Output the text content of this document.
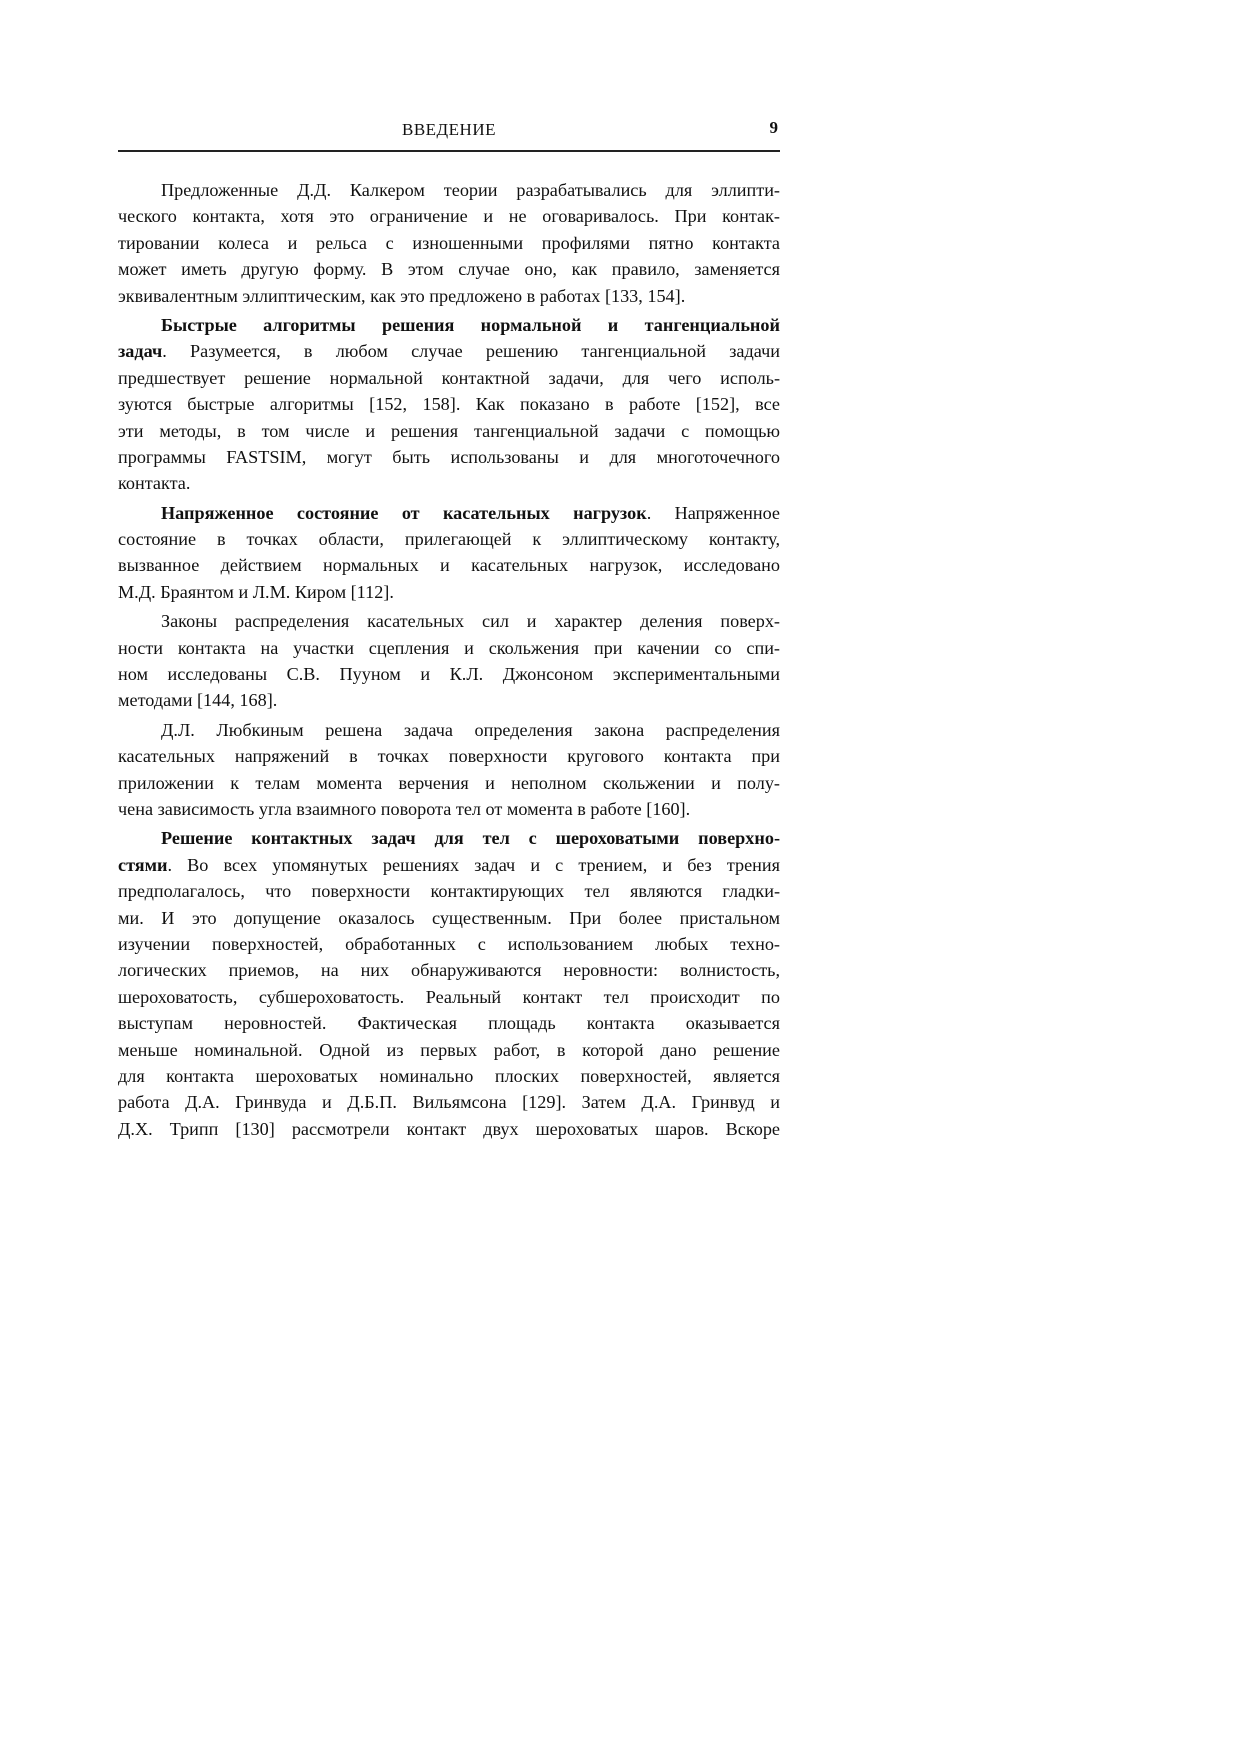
ВВЕДЕНИЕ	9
Предложенные Д.Д. Калкером теории разрабатывались для эллипти-
ческого контакта, хотя это ограничение и не оговаривалось. При контак-
тировании колеса и рельса с изношенными профилями пятно контакта
может иметь другую форму. В этом случае оно, как правило, заменяется
эквивалентным эллиптическим, как это предложено в работах [133, 154].
Быстрые алгоритмы решения нормальной и тангенциальной
задач. Разумеется, в любом случае решению тангенциальной задачи
предшествует решение нормальной контактной задачи, для чего исполь-
зуются быстрые алгоритмы [152, 158]. Как показано в работе [152], все
эти методы, в том числе и решения тангенциальной задачи с помощью
программы FASTSIM, могут быть использованы и для многоточечного
контакта.
Напряженное состояние от касательных нагрузок. Напряженное
состояние в точках области, прилегающей к эллиптическому контакту,
вызванное действием нормальных и касательных нагрузок, исследовано
М.Д. Браянтом и Л.М. Киром [112].
Законы распределения касательных сил и характер деления поверх-
ности контакта на участки сцепления и скольжения при качении со спи-
ном исследованы С.В. Пууном и К.Л. Джонсоном экспериментальными
методами [144, 168].
Д.Л. Любкиным решена задача определения закона распределения
касательных напряжений в точках поверхности кругового контакта при
приложении к телам момента верчения и неполном скольжении и полу-
чена зависимость угла взаимного поворота тел от момента в работе [160].
Решение контактных задач для тел с шероховатыми поверхно-
стями. Во всех упомянутых решениях задач и с трением, и без трения
предполагалось, что поверхности контактирующих тел являются гладки-
ми. И это допущение оказалось существенным. При более пристальном
изучении поверхностей, обработанных с использованием любых техно-
логических приемов, на них обнаруживаются неровности: волнистость,
шероховатость, субшероховатость. Реальный контакт тел происходит по
выступам неровностей. Фактическая площадь контакта оказывается
меньше номинальной. Одной из первых работ, в которой дано решение
для контакта шероховатых номинально плоских поверхностей, является
работа Д.А. Гринвуда и Д.Б.П. Вильямсона [129]. Затем Д.А. Гринвуд и
Д.Х. Трипп [130] рассмотрели контакт двух шероховатых шаров. Вскоре
